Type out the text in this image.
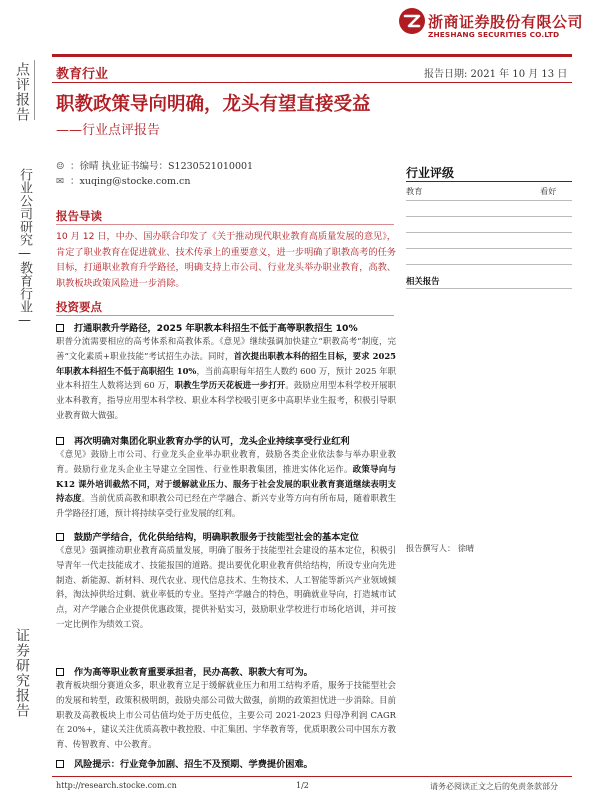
浙商证券股份有限公司
ZHESHANG SECURITIES CO.LTD
点评报告
行业公司研究—教育行业—
证券研究报告
教育行业	报告日期: 2021 年 10 月 13 日
职教政策导向明确，龙头有望直接受益
——行业点评报告
☺ ：徐晴 执业证书编号：S1230521010001
✉ ：xuqing@stocke.com.cn
报告导读
10 月 12 日，中办、国办联合印发了《关于推动现代职业教育高质量发展的意见》，肯定了职业教育在促进就业、技术传承上的重要意义，进一步明确了职教高考的任务目标，打通职业教育升学路径，明确支持上市公司、行业龙头举办职业教育，高教、职教板块政策风险进一步消除。
投资要点
打通职教升学路径，2025 年职教本科招生不低于高等职教招生 10%
职普分流需要相应的高考体系和高教体系。《意见》继续强调加快建立“职教高考”制度，完善“文化素质+职业技能”考试招生办法。同时，首次提出职教本科的招生目标，要求 2025 年职教本科招生不低于高职招生 10%，当前高职每年招生人数约 600 万，预计 2025 年职业本科招生人数将达到 60 万，职教生学历天花板进一步打开。鼓励应用型本科学校开展职业本科教育，指导应用型本科学校、职业本科学校吸引更多中高职毕业生报考，积极引导职业教育做大做强。
再次明确对集团化职业教育办学的认可，龙头企业持续享受行业红利
《意见》鼓励上市公司、行业龙头企业举办职业教育，鼓励各类企业依法参与举办职业教育。鼓励行业龙头企业主导建立全国性、行业性职教集团，推进实体化运作。政策导向与 K12 课外培训截然不同，对于缓解就业压力、服务于社会发展的职业教育赛道继续表明支持态度。当前优质高教和职教公司已经在产学融合、新兴专业等方向有所布局，随着职教生升学路径打通，预计将持续享受行业发展的红利。
鼓励产学结合，优化供给结构，明确职教服务于技能型社会的基本定位
《意见》强调推动职业教育高质量发展，明确了服务于技能型社会建设的基本定位，积极引导青年一代走技能成才、技能报国的道路。提出要优化职业教育供给结构，所设专业向先进制造、新能源、新材料、现代农业、现代信息技术、生物技术、人工智能等新兴产业领域倾斜，淘汰掉供给过剩、就业率低的专业。坚持产学融合的特色，明确就业导向，打造城市试点，对产学融合企业提供优惠政策，提供补贴实习，鼓励职业学校进行市场化培训，并可按一定比例作为绩效工资。
作为高等职业教育重要承担者，民办高教、职教大有可为。
教育板块细分赛道众多，职业教育立足于缓解就业压力和用工结构矛盾，服务于技能型社会的发展和转型，政策积极明朗，鼓励央部公司做大做强，前期的政策担忧进一步消除。目前职教及高教板块上市公司估值均处于历史低位，主要公司 2021-2023 归母净利润 CAGR 在 20%+，建议关注优质高教中教控股、中汇集团、宇华教育等，优质职教公司中国东方教育、传智教育、中公教育。
风险提示：行业竞争加剧、招生不及预期、学费提价困难。
行业评级
教育	看好
相关报告
报告撰写人： 徐晴
http://research.stocke.com.cn	1/2	请务必阅读正文之后的免责条款部分
